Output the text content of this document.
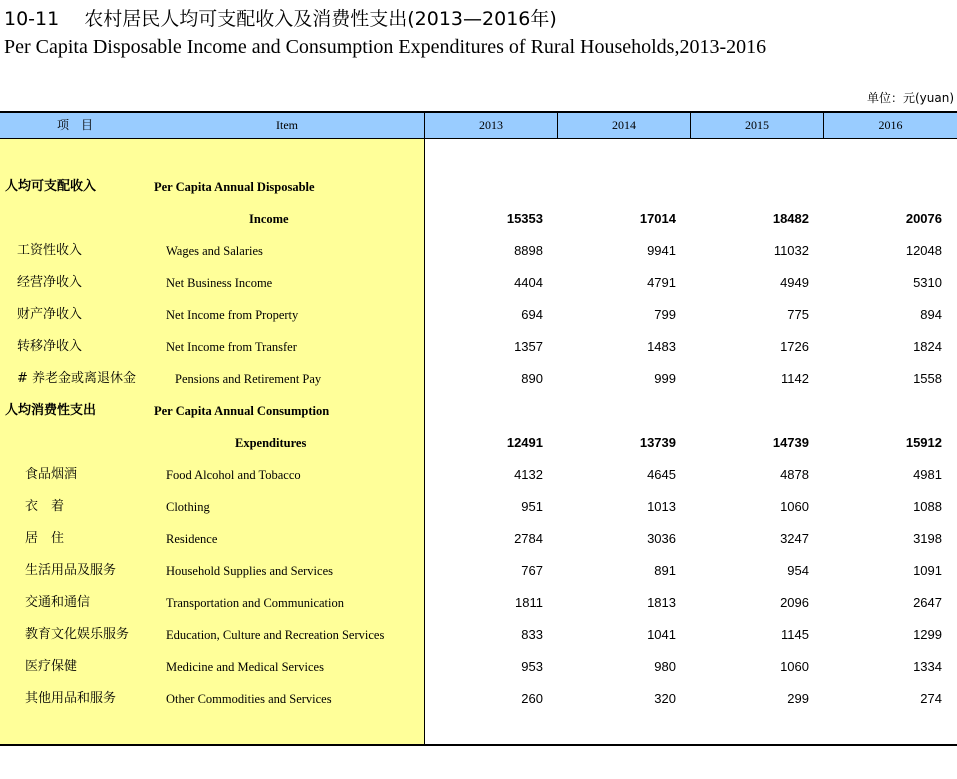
10-11　 农村居民人均可支配收入及消费性支出(2013—2016年)
Per Capita Disposable Income and Consumption Expenditures of Rural Households,2013-2016
单位：元(yuan)
项　目	Item	2013	2014	2015	2016
人均可支配收入	Per Capita Annual Disposable
Income	15353	17014	18482	20076
工资性收入	Wages and Salaries	8898	9941	11032	12048
经营净收入	Net Business Income	4404	4791	4949	5310
财产净收入	Net Income from Property	694	799	775	894
转移净收入	Net Income from Transfer	1357	1483	1726	1824
# 养老金或离退休金	Pensions and Retirement Pay	890	999	1142	1558
人均消费性支出	Per Capita Annual Consumption
Expenditures	12491	13739	14739	15912
食品烟酒	Food Alcohol and Tobacco	4132	4645	4878	4981
衣　着	Clothing	951	1013	1060	1088
居　住	Residence	2784	3036	3247	3198
生活用品及服务	Household Supplies and Services	767	891	954	1091
交通和通信	Transportation and Communication	1811	1813	2096	2647
教育文化娱乐服务	Education, Culture and Recreation Services	833	1041	1145	1299
医疗保健	Medicine and Medical Services	953	980	1060	1334
其他用品和服务	Other Commodities and Services	260	320	299	274
